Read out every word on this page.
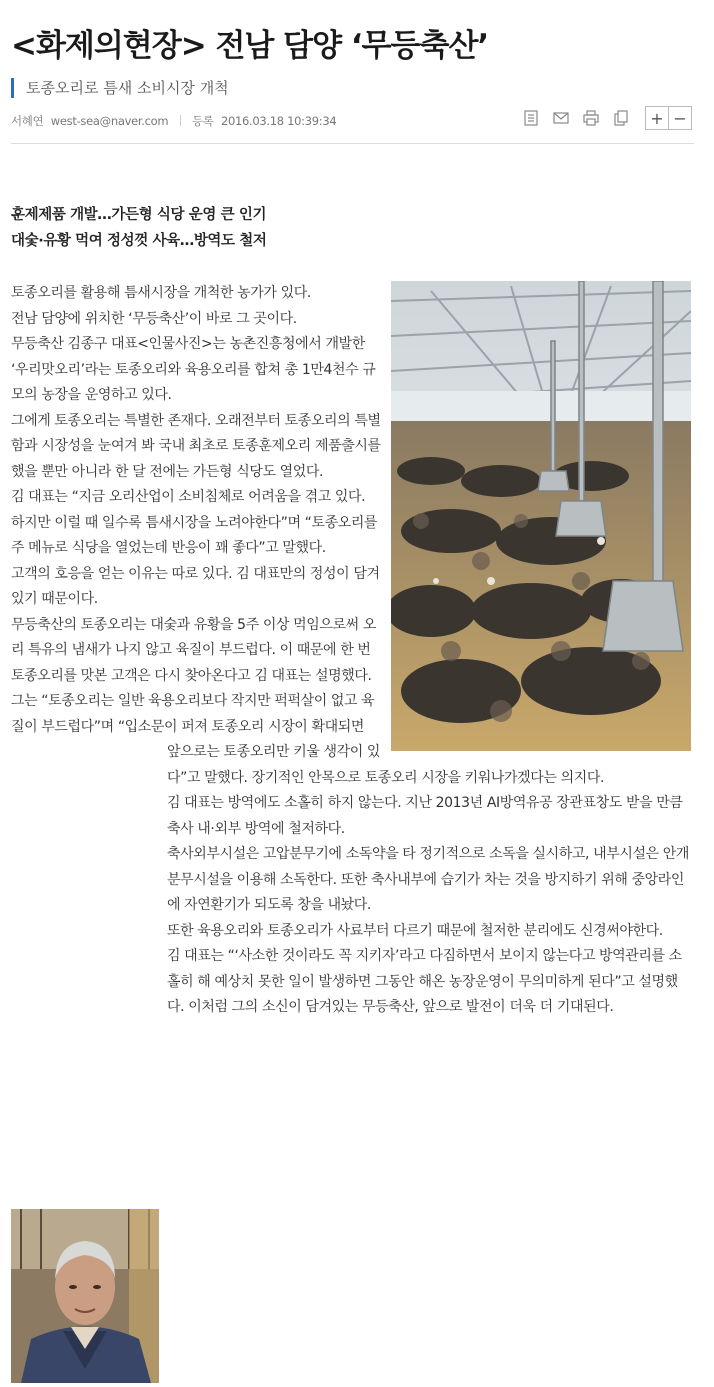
<화제의현장> 전남 담양 ‘무등축산’
토종오리로 틈새 소비시장 개척
서혜연 west-sea@naver.com 등록 2016.03.18 10:39:34	+ −
훈제제품 개발…가든형 식당 운영 큰 인기
대숯·유황 먹여 정성껏 사육…방역도 철저

토종오리를 활용해 틈새시장을 개척한 농가가 있다.

전남 담양에 위치한 ‘무등축산’이 바로 그 곳이다.

무등축산 김종구 대표<인물사진>는 농촌진흥청에서 개발한 ‘우리맛오리’라는 토종오리와 육용오리를 합쳐 총 1만4천수 규모의 농장을 운영하고 있다.

그에게 토종오리는 특별한 존재다. 오래전부터 토종오리의 특별함과 시장성을 눈여겨 봐 국내 최초로 토종훈제오리 제품출시를 했을 뿐만 아니라 한 달 전에는 가든형 식당도 열었다.

김 대표는 “지금 오리산업이 소비침체로 어려움을 겪고 있다. 하지만 이럴 때 일수록 틈새시장을 노려야한다”며 “토종오리를 주 메뉴로 식당을 열었는데 반응이 꽤 좋다”고 말했다.

고객의 호응을 얻는 이유는 따로 있다. 김 대표만의 정성이 담겨있기 때문이다.

무등축산의 토종오리는 대숯과 유황을 5주 이상 먹임으로써 오리 특유의 냄새가 나지 않고 육질이 부드럽다. 이 때문에 한 번 토종오리를 맛본 고객은 다시 찾아온다고 김 대표는 설명했다.

그는 “토종오리는 일반 육용오리보다 작지만 퍽퍽살이 없고 육질이 부드럽다”며 “입소문이 퍼져 토종오리 시장이 확대되면 앞으로는 토종오리만 키울 생각이 있다”고 말했다. 장기적인 안목으로 토종오리 시장을 키워나가겠다는 의지다.

김 대표는 방역에도 소홀히 하지 않는다. 지난 2013년 AI방역유공 장관표창도 받을 만큼 축사 내·외부 방역에 철저하다.

축사외부시설은 고압분무기에 소독약을 타 정기적으로 소독을 실시하고, 내부시설은 안개분무시설을 이용해 소독한다. 또한 축사내부에 습기가 차는 것을 방지하기 위해 중앙라인에 자연환기가 되도록 창을 내놨다.

또한 육용오리와 토종오리가 사료부터 다르기 때문에 철저한 분리에도 신경써야한다.

김 대표는 “‘사소한 것이라도 꼭 지키자’라고 다짐하면서 보이지 않는다고 방역관리를 소홀히 해 예상치 못한 일이 발생하면 그동안 해온 농장운영이 무의미하게 된다”고 설명했다. 이처럼 그의 소신이 담겨있는 무등축산, 앞으로 발전이 더욱 더 기대된다.
